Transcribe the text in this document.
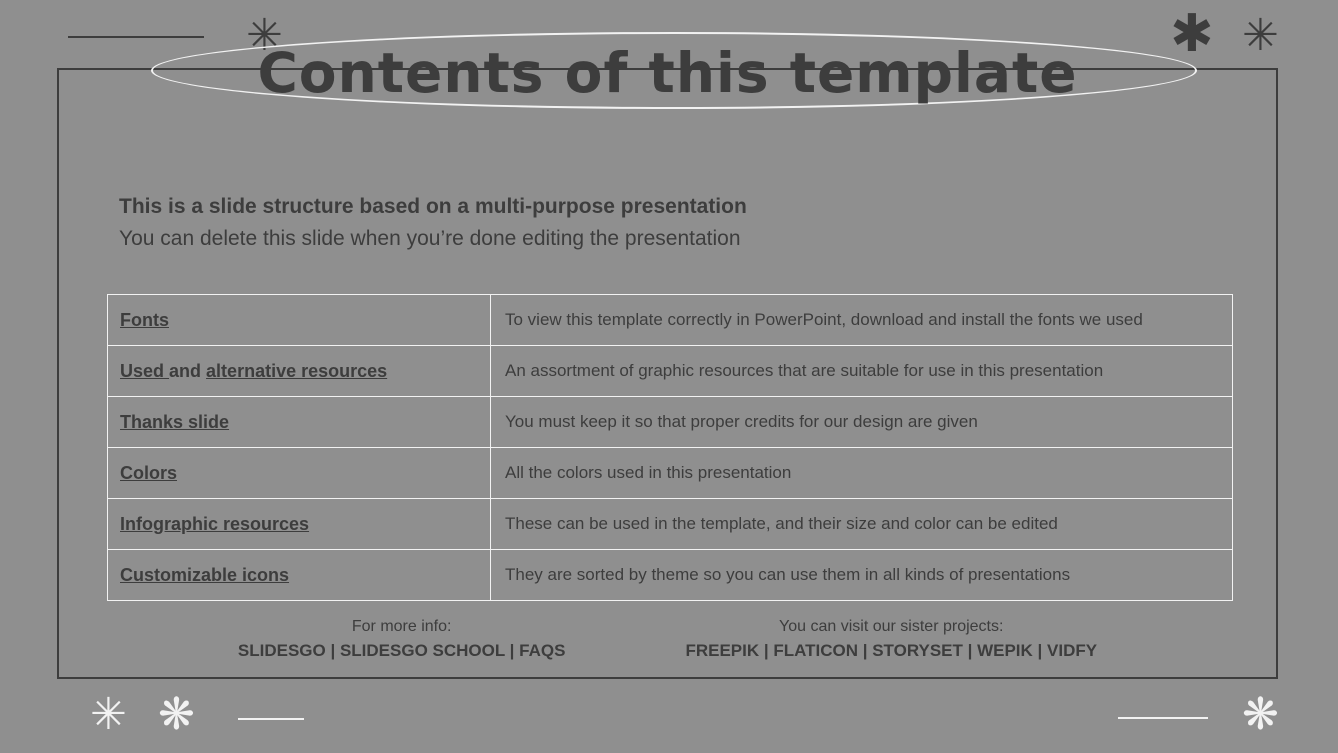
✳	✱ ✳
Contents of this template
This is a slide structure based on a multi-purpose presentation
You can delete this slide when you’re done editing the presentation
Fonts	To view this template correctly in PowerPoint, download and install the fonts we used
Used and alternative resources	An assortment of graphic resources that are suitable for use in this presentation
Thanks slide	You must keep it so that proper credits for our design are given
Colors	All the colors used in this presentation
Infographic resources	These can be used in the template, and their size and color can be edited
Customizable icons	They are sorted by theme so you can use them in all kinds of presentations
For more info:
SLIDESGO | SLIDESGO SCHOOL | FAQS
You can visit our sister projects:
FREEPIK | FLATICON | STORYSET | WEPIK | VIDFY
✳ ❋	❋
